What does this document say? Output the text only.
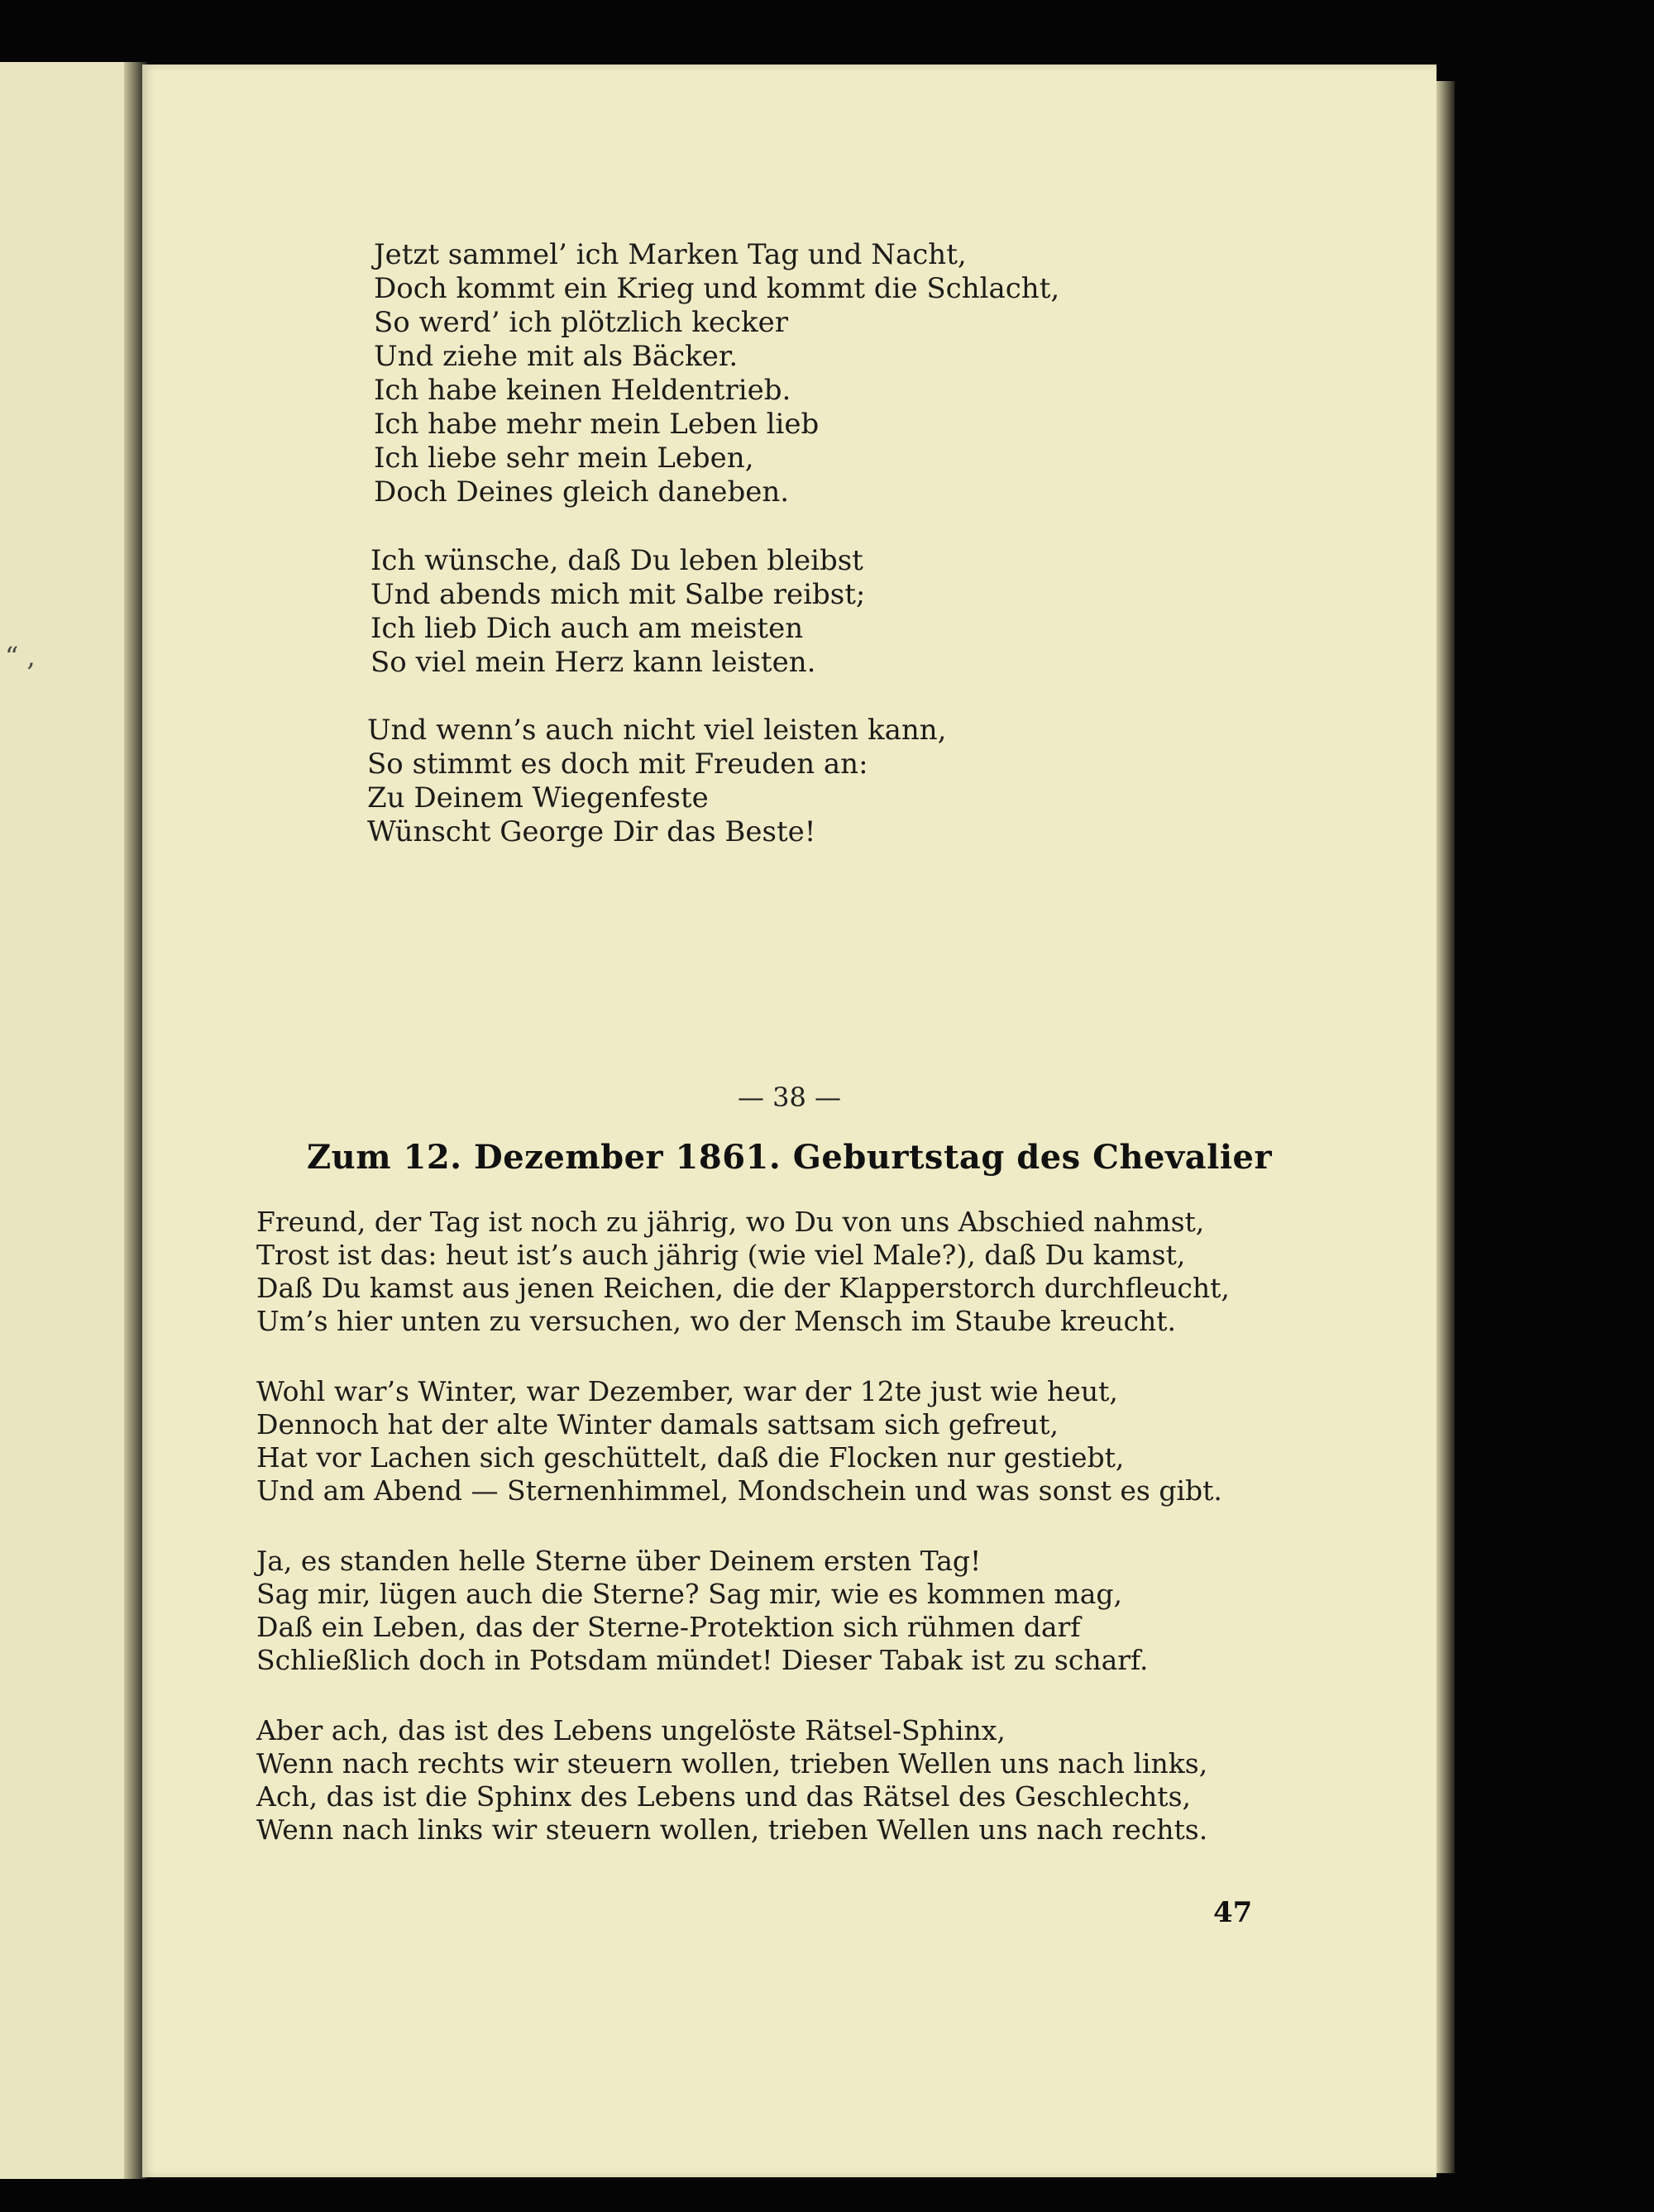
“ ,
Jetzt sammel’ ich Marken Tag und Nacht,
Doch kommt ein Krieg und kommt die Schlacht,
So werd’ ich plötzlich kecker
Und ziehe mit als Bäcker.
Ich habe keinen Heldentrieb.
Ich habe mehr mein Leben lieb
Ich liebe sehr mein Leben,
Doch Deines gleich daneben.
Ich wünsche, daß Du leben bleibst
Und abends mich mit Salbe reibst;
Ich lieb Dich auch am meisten
So viel mein Herz kann leisten.
Und wenn’s auch nicht viel leisten kann,
So stimmt es doch mit Freuden an:
Zu Deinem Wiegenfeste
Wünscht George Dir das Beste!
— 38 —
Zum 12. Dezember 1861. Geburtstag des Chevalier
Freund, der Tag ist noch zu jährig, wo Du von uns Abschied nahmst,
Trost ist das: heut ist’s auch jährig (wie viel Male?), daß Du kamst,
Daß Du kamst aus jenen Reichen, die der Klapperstorch durchfleucht,
Um’s hier unten zu versuchen, wo der Mensch im Staube kreucht.
Wohl war’s Winter, war Dezember, war der 12te just wie heut,
Dennoch hat der alte Winter damals sattsam sich gefreut,
Hat vor Lachen sich geschüttelt, daß die Flocken nur gestiebt,
Und am Abend — Sternenhimmel, Mondschein und was sonst es gibt.
Ja, es standen helle Sterne über Deinem ersten Tag!
Sag mir, lügen auch die Sterne? Sag mir, wie es kommen mag,
Daß ein Leben, das der Sterne-Protektion sich rühmen darf
Schließlich doch in Potsdam mündet! Dieser Tabak ist zu scharf.
Aber ach, das ist des Lebens ungelöste Rätsel-Sphinx,
Wenn nach rechts wir steuern wollen, trieben Wellen uns nach links,
Ach, das ist die Sphinx des Lebens und das Rätsel des Geschlechts,
Wenn nach links wir steuern wollen, trieben Wellen uns nach rechts.
47
